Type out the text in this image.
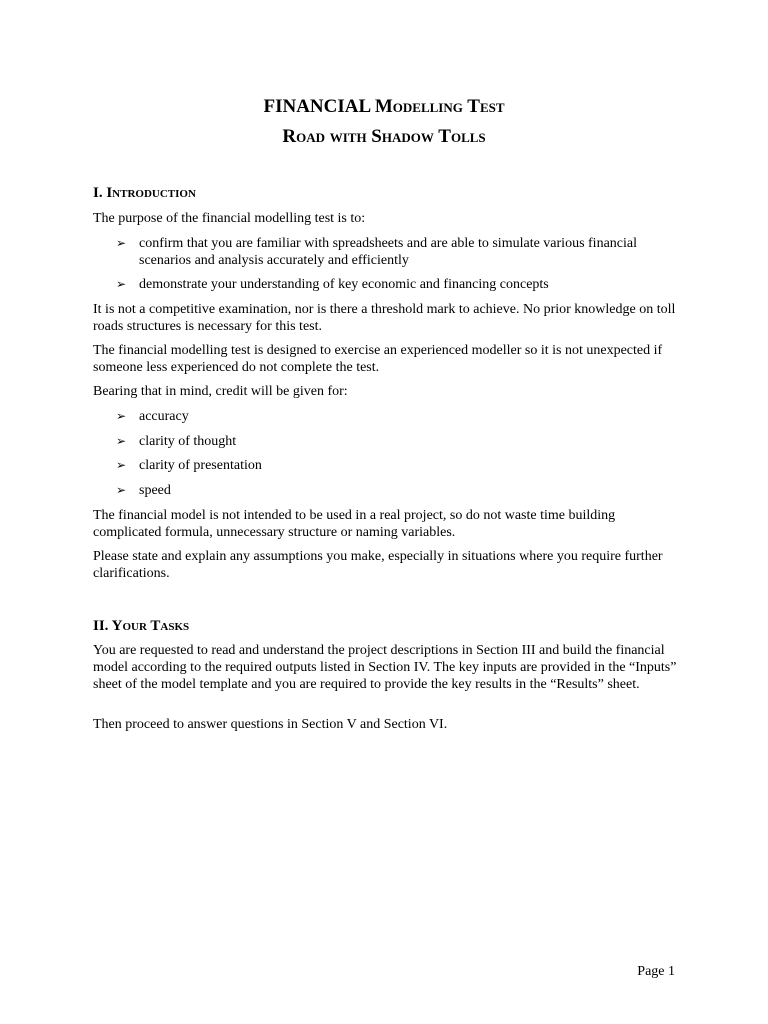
FINANCIAL Modelling Test
Road with Shadow Tolls
I. Introduction
The purpose of the financial modelling test is to:
➢ confirm that you are familiar with spreadsheets and are able to simulate various financial scenarios and analysis accurately and efficiently
➢ demonstrate your understanding of key economic and financing concepts
It is not a competitive examination, nor is there a threshold mark to achieve. No prior knowledge on toll roads structures is necessary for this test.
The financial modelling test is designed to exercise an experienced modeller so it is not unexpected if someone less experienced do not complete the test.
Bearing that in mind, credit will be given for:
➢ accuracy
➢ clarity of thought
➢ clarity of presentation
➢ speed
The financial model is not intended to be used in a real project, so do not waste time building complicated formula, unnecessary structure or naming variables.
Please state and explain any assumptions you make, especially in situations where you require further clarifications.
II. Your Tasks
You are requested to read and understand the project descriptions in Section III and build the financial model according to the required outputs listed in Section IV. The key inputs are provided in the “Inputs” sheet of the model template and you are required to provide the key results in the “Results” sheet.
Then proceed to answer questions in Section V and Section VI.
Page 1
